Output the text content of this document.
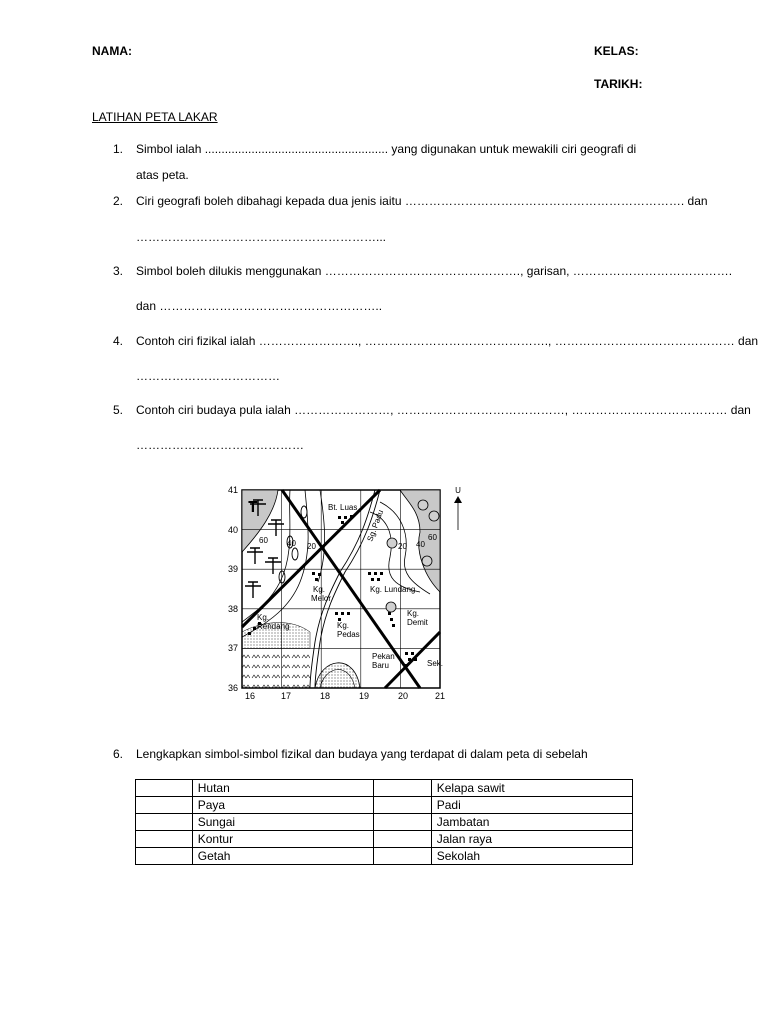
NAMA:	KELAS:
TARIKH:
LATIHAN PETA LAKAR
1. Simbol ialah ....................................................... yang digunakan untuk mewakili ciri geografi di
atas peta.
2. Ciri geografi boleh dibahagi kepada dua jenis iaitu ……………………………………………………………. dan
……………………………………………………...
3. Simbol boleh dilukis menggunakan …………………………………………., garisan, ………………………………….
dan ………………………………………………..
4. Contoh ciri fizikal ialah ……………………., ………………………………………., ……………………………………… dan
………………………………
5. Contoh ciri budaya pula ialah ……………………, ……………………………………, ………………………………… dan
……………………………………
𝐓
41
40
39
38
37
36
16	17	18	19	20	21
U
60 40 20	20 40
60
Bt. Luas
Sg. Padu
Kg. Melor
Kg. Lundang
Kg. Rendang	Kg. Pedas
Kg. Demit
Pekan Baru	Sek.
6. Lengkapkan simbol-simbol fizikal dan budaya yang terdapat di dalam peta di sebelah
	Hutan		Kelapa sawit
	Paya		Padi
	Sungai		Jambatan
	Kontur		Jalan raya
	Getah		Sekolah
